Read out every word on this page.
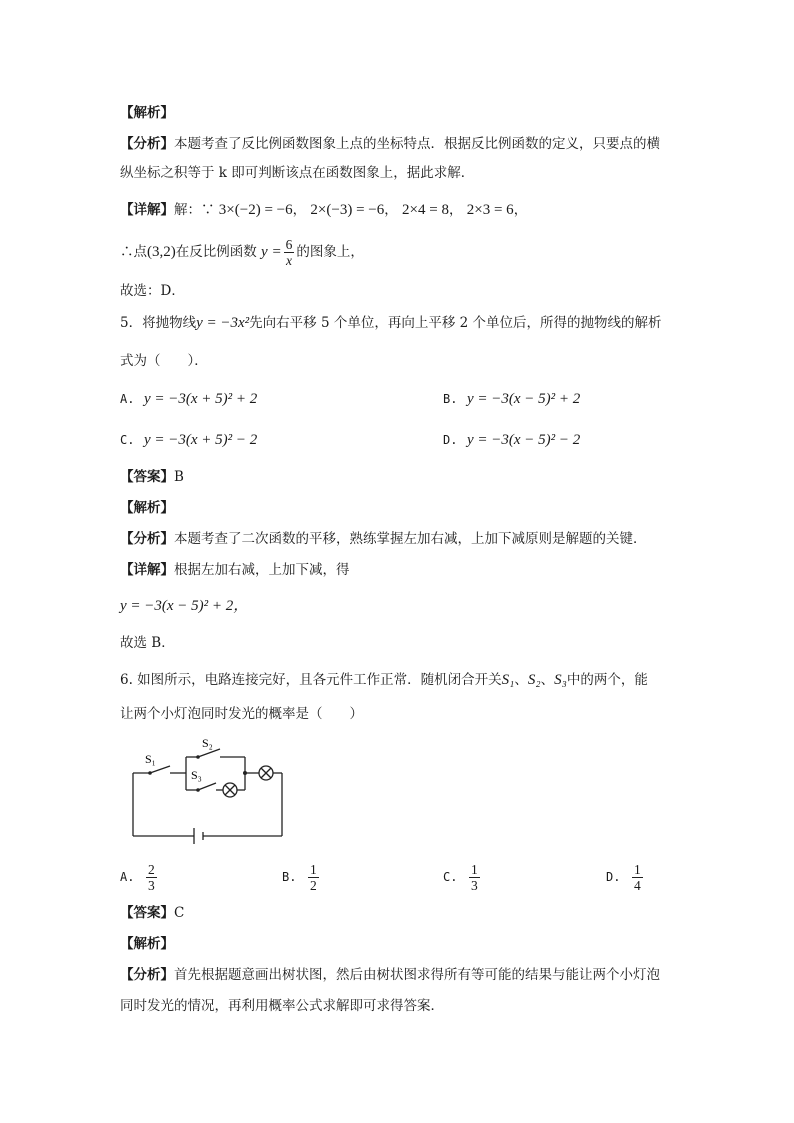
【解析】
【分析】本题考查了反比例函数图象上点的坐标特点．根据反比例函数的定义，只要点的横
纵坐标之积等于 k 即可判断该点在函数图象上，据此求解．
【详解】解：∵ 3×(−2) = −6， 2×(−3) = −6， 2×4 = 8， 2×3 = 6，
∴点(3,2)在反比例函数 $y = \frac{6}{x}$ 的图象上，
故选：D．
5．将抛物线y = −3x²先向右平移 5 个单位，再向上平移 2 个单位后，所得的抛物线的解析
式为（　　）．
A. y = −3(x + 5)² + 2	B. y = −3(x − 5)² + 2
C. y = −3(x + 5)² − 2	D. y = −3(x − 5)² − 2
【答案】B
【解析】
【分析】本题考查了二次函数的平移，熟练掌握左加右减，上加下减原则是解题的关键．
【详解】根据左加右减，上加下减，得
y = −3(x − 5)² + 2，
故选 B．
6. 如图所示，电路连接完好，且各元件工作正常．随机闭合开关S₁、S₂、S₃中的两个，能
让两个小灯泡同时发光的概率是（　　）
S₁
S₂
S₃
A. $\frac{2}{3}$	B. $\frac{1}{2}$	C. $\frac{1}{3}$	D. $\frac{1}{4}$
【答案】C
【解析】
【分析】首先根据题意画出树状图，然后由树状图求得所有等可能的结果与能让两个小灯泡
同时发光的情况，再利用概率公式求解即可求得答案．
